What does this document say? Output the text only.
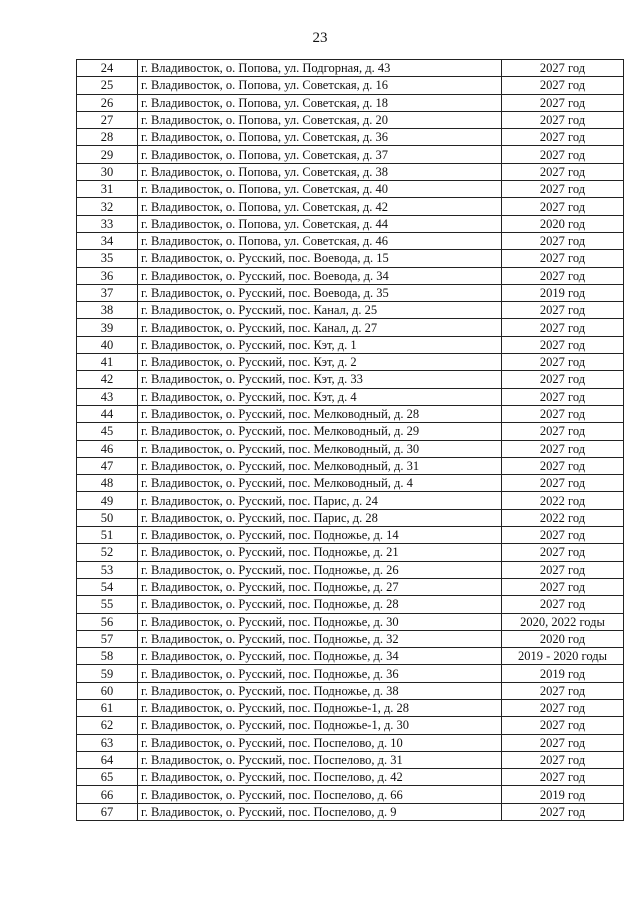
23
24	г. Владивосток, о. Попова, ул. Подгорная, д. 43	2027 год
25	г. Владивосток, о. Попова, ул. Советская, д. 16	2027 год
26	г. Владивосток, о. Попова, ул. Советская, д. 18	2027 год
27	г. Владивосток, о. Попова, ул. Советская, д. 20	2027 год
28	г. Владивосток, о. Попова, ул. Советская, д. 36	2027 год
29	г. Владивосток, о. Попова, ул. Советская, д. 37	2027 год
30	г. Владивосток, о. Попова, ул. Советская, д. 38	2027 год
31	г. Владивосток, о. Попова, ул. Советская, д. 40	2027 год
32	г. Владивосток, о. Попова, ул. Советская, д. 42	2027 год
33	г. Владивосток, о. Попова, ул. Советская, д. 44	2020 год
34	г. Владивосток, о. Попова, ул. Советская, д. 46	2027 год
35	г. Владивосток, о. Русский, пос. Воевода, д. 15	2027 год
36	г. Владивосток, о. Русский, пос. Воевода, д. 34	2027 год
37	г. Владивосток, о. Русский, пос. Воевода, д. 35	2019 год
38	г. Владивосток, о. Русский, пос. Канал, д. 25	2027 год
39	г. Владивосток, о. Русский, пос. Канал, д. 27	2027 год
40	г. Владивосток, о. Русский, пос. Кэт, д. 1	2027 год
41	г. Владивосток, о. Русский, пос. Кэт, д. 2	2027 год
42	г. Владивосток, о. Русский, пос. Кэт, д. 33	2027 год
43	г. Владивосток, о. Русский, пос. Кэт, д. 4	2027 год
44	г. Владивосток, о. Русский, пос. Мелководный, д. 28	2027 год
45	г. Владивосток, о. Русский, пос. Мелководный, д. 29	2027 год
46	г. Владивосток, о. Русский, пос. Мелководный, д. 30	2027 год
47	г. Владивосток, о. Русский, пос. Мелководный, д. 31	2027 год
48	г. Владивосток, о. Русский, пос. Мелководный, д. 4	2027 год
49	г. Владивосток, о. Русский, пос. Парис, д. 24	2022 год
50	г. Владивосток, о. Русский, пос. Парис, д. 28	2022 год
51	г. Владивосток, о. Русский, пос. Подножье, д. 14	2027 год
52	г. Владивосток, о. Русский, пос. Подножье, д. 21	2027 год
53	г. Владивосток, о. Русский, пос. Подножье, д. 26	2027 год
54	г. Владивосток, о. Русский, пос. Подножье, д. 27	2027 год
55	г. Владивосток, о. Русский, пос. Подножье, д. 28	2027 год
56	г. Владивосток, о. Русский, пос. Подножье, д. 30	2020, 2022 годы
57	г. Владивосток, о. Русский, пос. Подножье, д. 32	2020 год
58	г. Владивосток, о. Русский, пос. Подножье, д. 34	2019 - 2020 годы
59	г. Владивосток, о. Русский, пос. Подножье, д. 36	2019 год
60	г. Владивосток, о. Русский, пос. Подножье, д. 38	2027 год
61	г. Владивосток, о. Русский, пос. Подножье-1, д. 28	2027 год
62	г. Владивосток, о. Русский, пос. Подножье-1, д. 30	2027 год
63	г. Владивосток, о. Русский, пос. Поспелово, д. 10	2027 год
64	г. Владивосток, о. Русский, пос. Поспелово, д. 31	2027 год
65	г. Владивосток, о. Русский, пос. Поспелово, д. 42	2027 год
66	г. Владивосток, о. Русский, пос. Поспелово, д. 66	2019 год
67	г. Владивосток, о. Русский, пос. Поспелово, д. 9	2027 год
